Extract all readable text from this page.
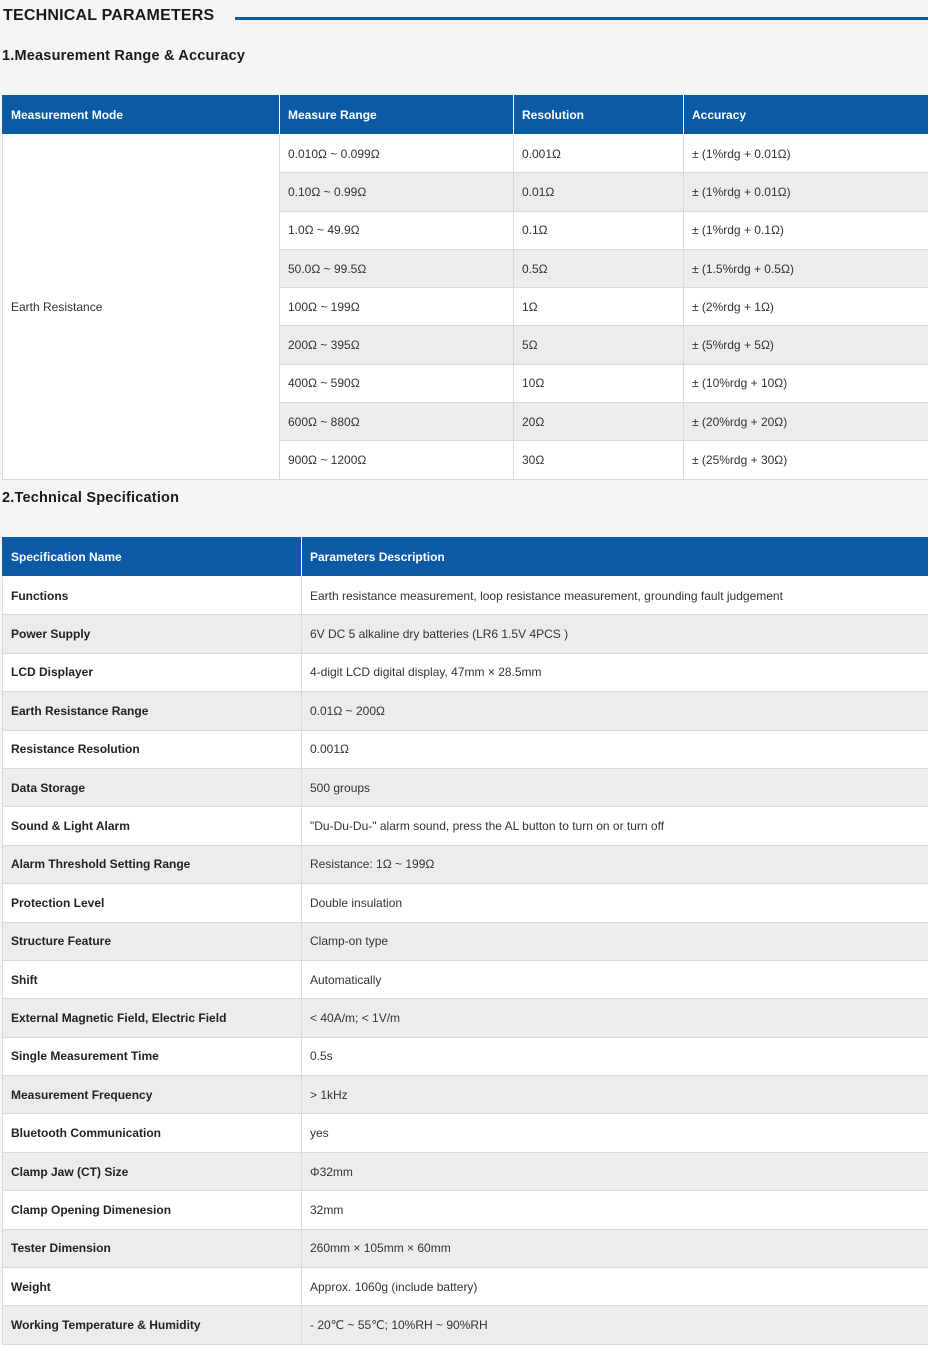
TECHNICAL PARAMETERS
1.Measurement Range & Accuracy
Measurement Mode	Measure Range	Resolution	Accuracy
Earth Resistance	0.010Ω ~ 0.099Ω	0.001Ω	± (1%rdg + 0.01Ω)
	0.10Ω ~ 0.99Ω	0.01Ω	± (1%rdg + 0.01Ω)
	1.0Ω ~ 49.9Ω	0.1Ω	± (1%rdg + 0.1Ω)
	50.0Ω ~ 99.5Ω	0.5Ω	± (1.5%rdg + 0.5Ω)
	100Ω ~ 199Ω	1Ω	± (2%rdg + 1Ω)
	200Ω ~ 395Ω	5Ω	± (5%rdg + 5Ω)
	400Ω ~ 590Ω	10Ω	± (10%rdg + 10Ω)
	600Ω ~ 880Ω	20Ω	± (20%rdg + 20Ω)
	900Ω ~ 1200Ω	30Ω	± (25%rdg + 30Ω)
2.Technical Specification
Specification Name	Parameters Description
Functions	Earth resistance measurement, loop resistance measurement, grounding fault judgement
Power Supply	6V DC 5 alkaline dry batteries (LR6 1.5V 4PCS )
LCD Displayer	4-digit LCD digital display, 47mm × 28.5mm
Earth Resistance Range	0.01Ω ~ 200Ω
Resistance Resolution	0.001Ω
Data Storage	500 groups
Sound & Light Alarm	"Du-Du-Du-" alarm sound, press the AL button to turn on or turn off
Alarm Threshold Setting Range	Resistance: 1Ω ~ 199Ω
Protection Level	Double insulation
Structure Feature	Clamp-on type
Shift	Automatically
External Magnetic Field, Electric Field	< 40A/m; < 1V/m
Single Measurement Time	0.5s
Measurement Frequency	> 1kHz
Bluetooth Communication	yes
Clamp Jaw (CT) Size	Φ32mm
Clamp Opening Dimenesion	32mm
Tester Dimension	260mm × 105mm × 60mm
Weight	Approx. 1060g (include battery)
Working Temperature & Humidity	- 20℃ ~ 55℃; 10%RH ~ 90%RH
